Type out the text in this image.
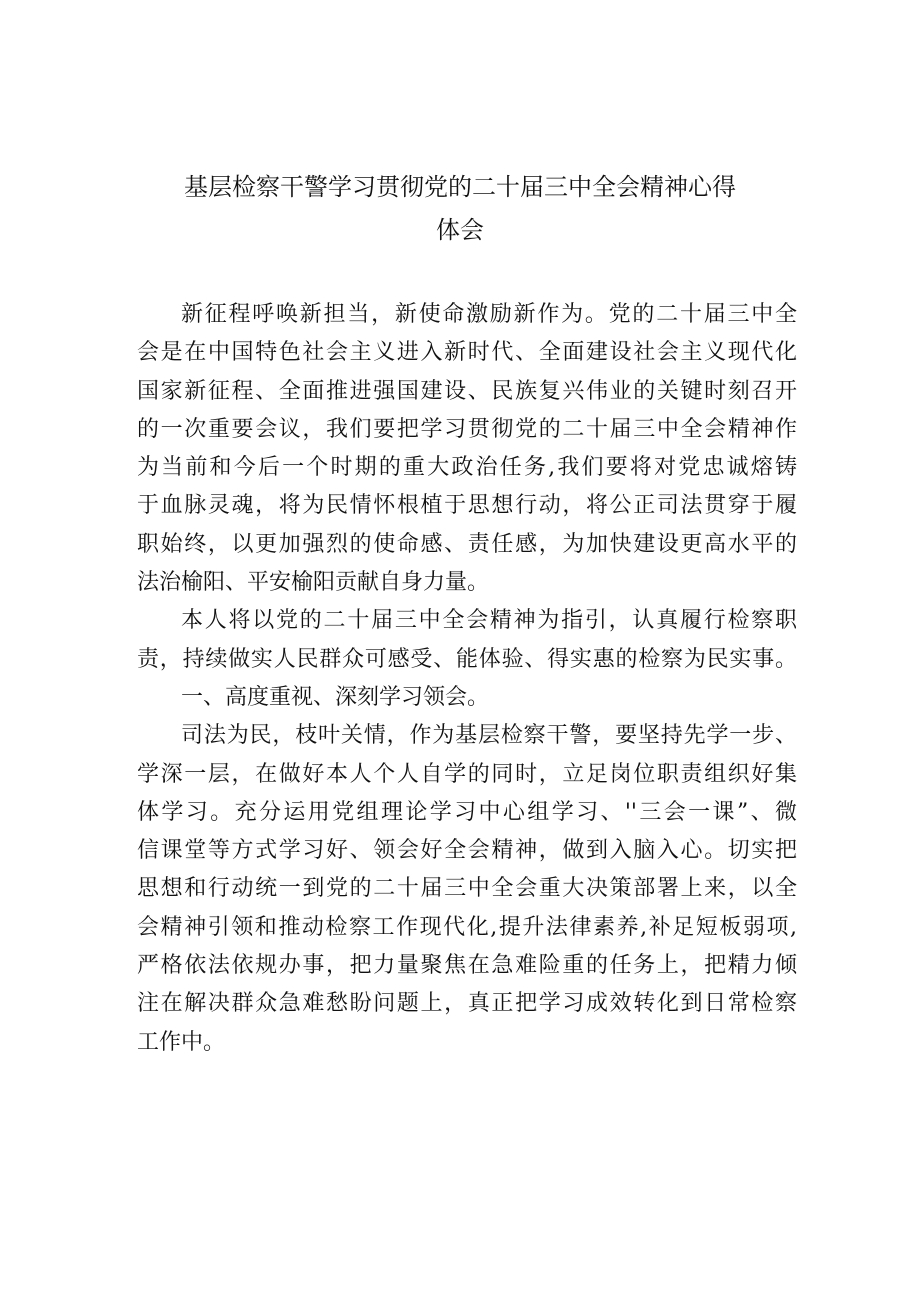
基层检察干警学习贯彻党的二十届三中全会精神心得
体会
新征程呼唤新担当，新使命激励新作为。党的二十届三中全
会是在中国特色社会主义进入新时代、全面建设社会主义现代化
国家新征程、全面推进强国建设、民族复兴伟业的关键时刻召开
的一次重要会议，我们要把学习贯彻党的二十届三中全会精神作
为当前和今后一个时期的重大政治任务,我们要将对党忠诚熔铸
于血脉灵魂，将为民情怀根植于思想行动，将公正司法贯穿于履
职始终，以更加强烈的使命感、责任感，为加快建设更高水平的
法治榆阳、平安榆阳贡献自身力量。
本人将以党的二十届三中全会精神为指引，认真履行检察职
责，持续做实人民群众可感受、能体验、得实惠的检察为民实事。
一、高度重视、深刻学习领会。
司法为民，枝叶关情，作为基层检察干警，要坚持先学一步、
学深一层，在做好本人个人自学的同时，立足岗位职责组织好集
体学习。充分运用党组理论学习中心组学习、''三会一课”、微
信课堂等方式学习好、领会好全会精神，做到入脑入心。切实把
思想和行动统一到党的二十届三中全会重大决策部署上来，以全
会精神引领和推动检察工作现代化,提升法律素养,补足短板弱项,
严格依法依规办事，把力量聚焦在急难险重的任务上，把精力倾
注在解决群众急难愁盼问题上，真正把学习成效转化到日常检察
工作中。
